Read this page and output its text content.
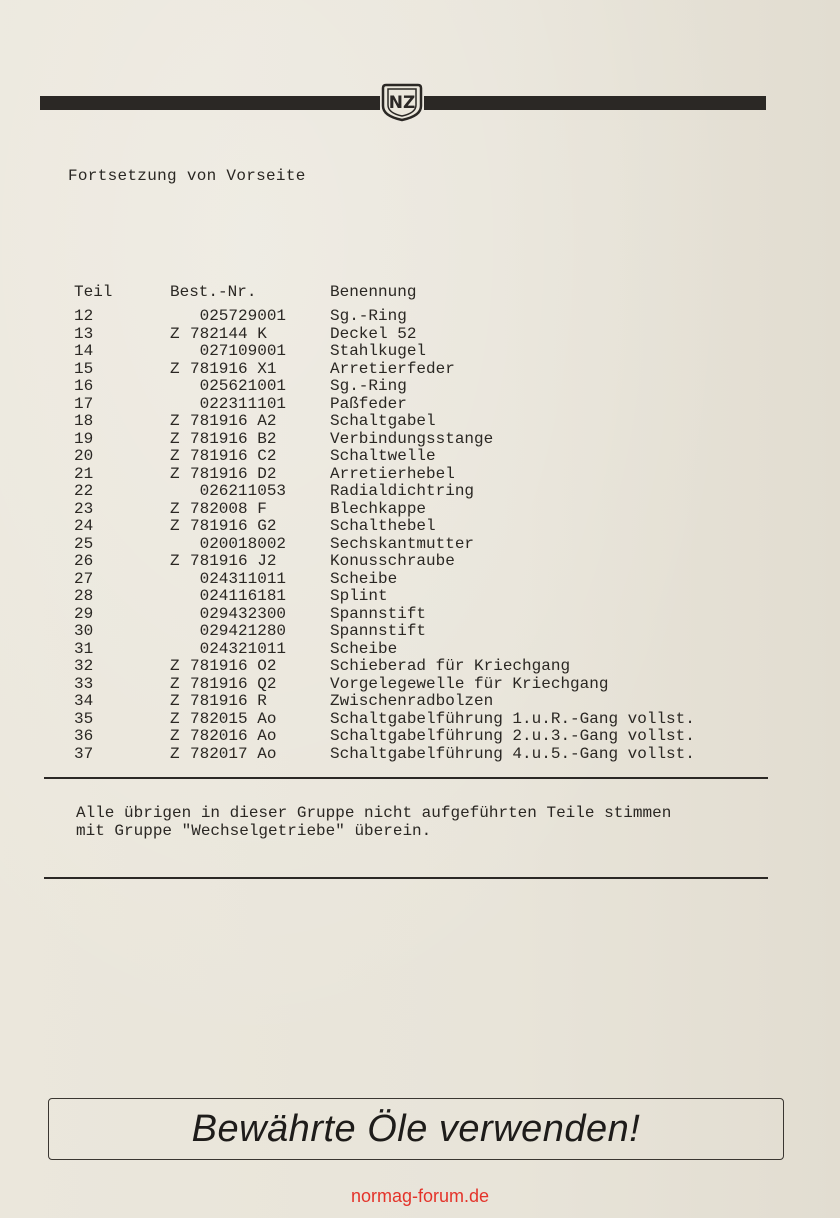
NZ
Fortsetzung von Vorseite
Teil	Best.-Nr.	Benennung
12	025729001	Sg.-Ring
13	Z 782144 K	Deckel 52
14	027109001	Stahlkugel
15	Z 781916 X1	Arretierfeder
16	025621001	Sg.-Ring
17	022311101	Paßfeder
18	Z 781916 A2	Schaltgabel
19	Z 781916 B2	Verbindungsstange
20	Z 781916 C2	Schaltwelle
21	Z 781916 D2	Arretierhebel
22	026211053	Radialdichtring
23	Z 782008 F	Blechkappe
24	Z 781916 G2	Schalthebel
25	020018002	Sechskantmutter
26	Z 781916 J2	Konusschraube
27	024311011	Scheibe
28	024116181	Splint
29	029432300	Spannstift
30	029421280	Spannstift
31	024321011	Scheibe
32	Z 781916 O2	Schieberad für Kriechgang
33	Z 781916 Q2	Vorgelegewelle für Kriechgang
34	Z 781916 R	Zwischenradbolzen
35	Z 782015 Ao	Schaltgabelführung 1.u.R.-Gang vollst.
36	Z 782016 Ao	Schaltgabelführung 2.u.3.-Gang vollst.
37	Z 782017 Ao	Schaltgabelführung 4.u.5.-Gang vollst.
Alle übrigen in dieser Gruppe nicht aufgeführten Teile stimmen
mit Gruppe "Wechselgetriebe" überein.
Bewährte Öle verwenden!
normag-forum.de
